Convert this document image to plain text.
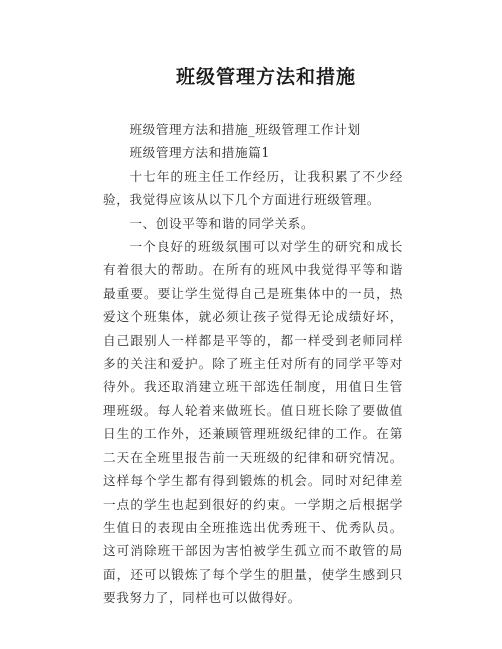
班级管理方法和措施

班级管理方法和措施_班级管理工作计划

班级管理方法和措施篇1

十七年的班主任工作经历，让我积累了不少经验，我觉得应该从以下几个方面进行班级管理。

一、创设平等和谐的同学关系。

一个良好的班级氛围可以对学生的研究和成长有着很大的帮助。在所有的班风中我觉得平等和谐最重要。要让学生觉得自己是班集体中的一员，热爱这个班集体，就必须让孩子觉得无论成绩好坏，自己跟别人一样都是平等的，都一样受到老师同样多的关注和爱护。除了班主任对所有的同学平等对待外。我还取消建立班干部选任制度，用值日生管理班级。每人轮着来做班长。值日班长除了要做值日生的工作外，还兼顾管理班级纪律的工作。在第二天在全班里报告前一天班级的纪律和研究情况。这样每个学生都有得到锻炼的机会。同时对纪律差一点的学生也起到很好的约束。一学期之后根据学生值日的表现由全班推选出优秀班干、优秀队员。这可消除班干部因为害怕被学生孤立而不敢管的局面，还可以锻炼了每个学生的胆量，使学生感到只要我努力了，同样也可以做得好。
